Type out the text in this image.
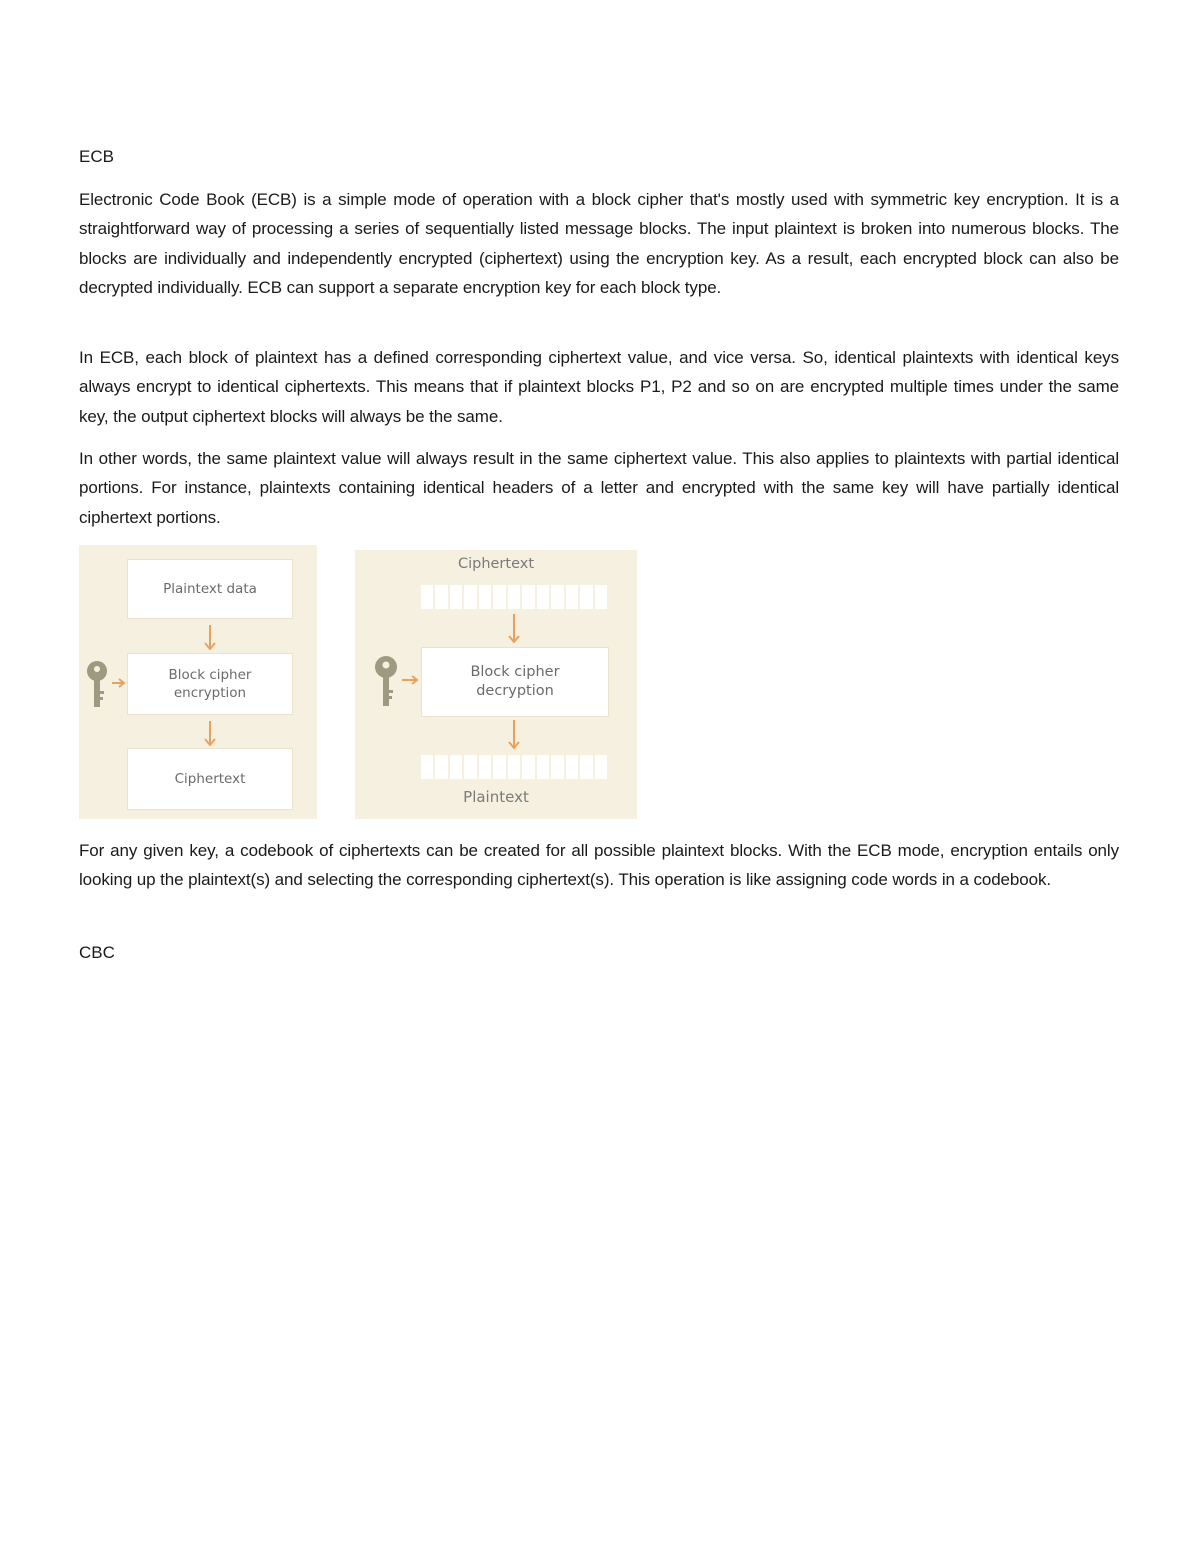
ECB

Electronic Code Book (ECB) is a simple mode of operation with a block cipher that's mostly used with symmetric key encryption. It is a straightforward way of processing a series of sequentially listed message blocks. The input plaintext is broken into numerous blocks. The blocks are individually and independently encrypted (ciphertext) using the encryption key. As a result, each encrypted block can also be decrypted individually. ECB can support a separate encryption key for each block type.

In ECB, each block of plaintext has a defined corresponding ciphertext value, and vice versa. So, identical plaintexts with identical keys always encrypt to identical ciphertexts. This means that if plaintext blocks P1, P2 and so on are encrypted multiple times under the same key, the output ciphertext blocks will always be the same.

In other words, the same plaintext value will always result in the same ciphertext value. This also applies to plaintexts with partial identical portions. For instance, plaintexts containing identical headers of a letter and encrypted with the same key will have partially identical ciphertext portions.

Plaintext data
Block cipher
encryption
Ciphertext
Ciphertext
Block cipher
decryption
Plaintext

For any given key, a codebook of ciphertexts can be created for all possible plaintext blocks. With the ECB mode, encryption entails only looking up the plaintext(s) and selecting the corresponding ciphertext(s). This operation is like assigning code words in a codebook.

CBC
